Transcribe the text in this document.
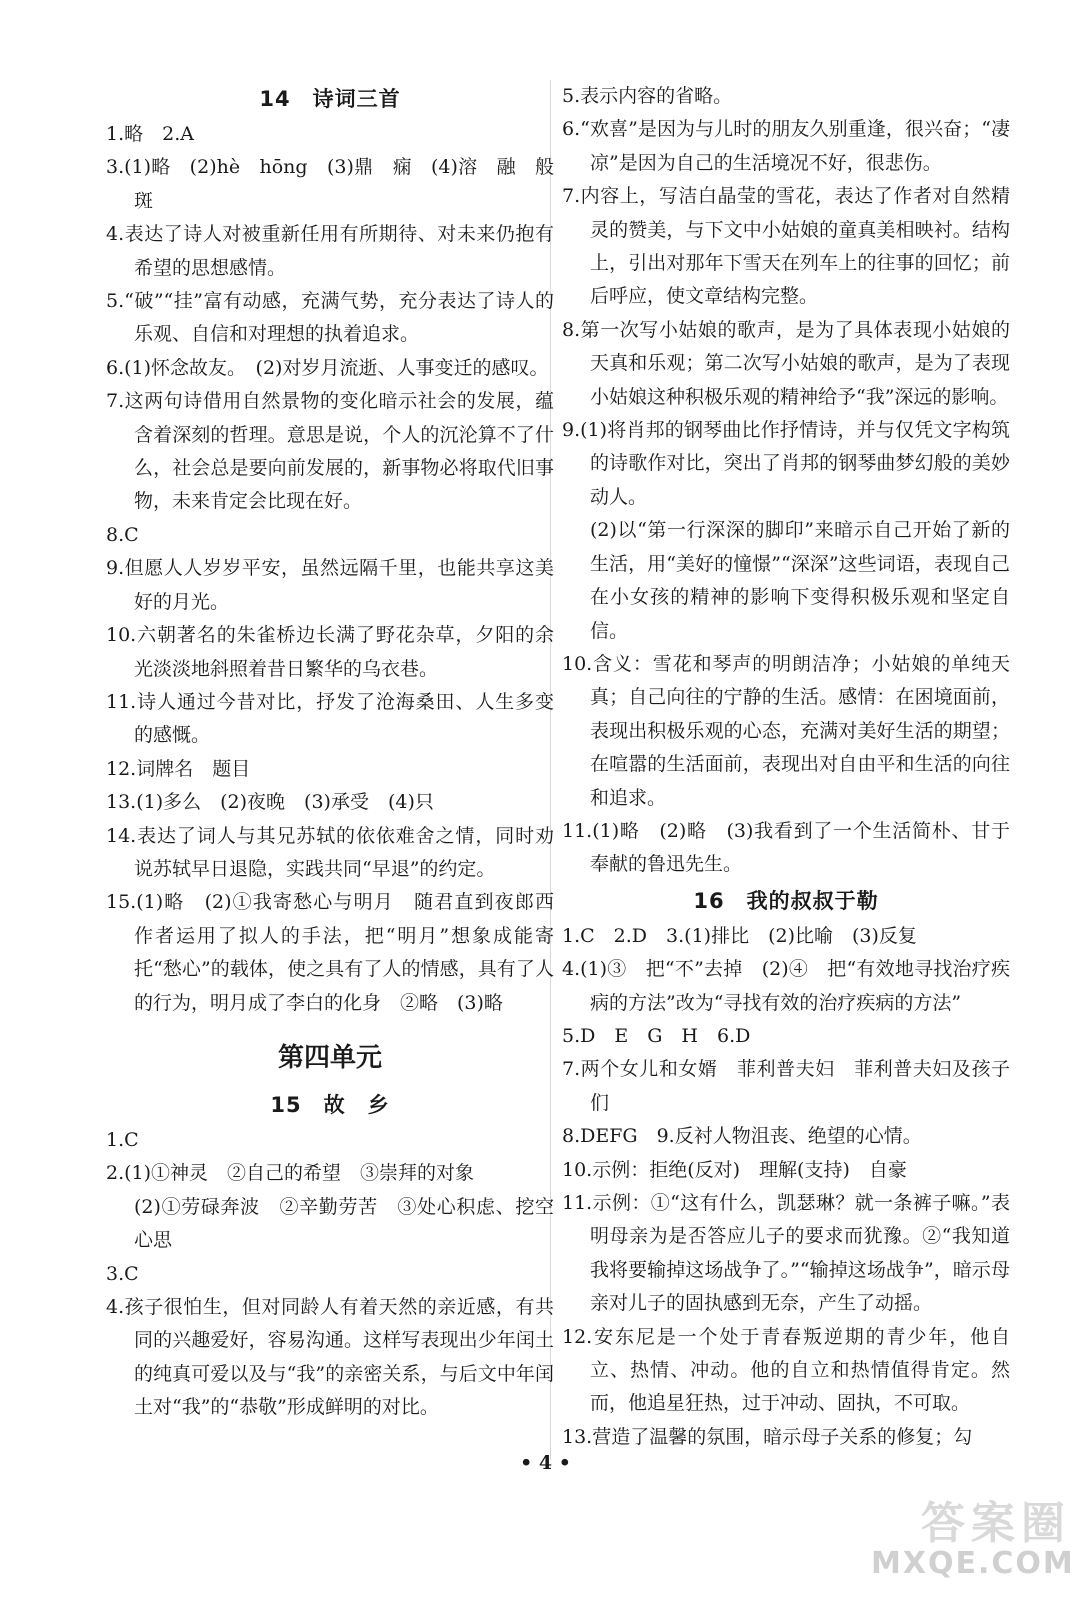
14　诗词三首

1.略　2.A

3.(1)略　(2)hè　hōng　(3)鼎　痫　(4)溶　融　般　斑

4.表达了诗人对被重新任用有所期待、对未来仍抱有希望的思想感情。

5.“破”“挂”富有动感，充满气势，充分表达了诗人的乐观、自信和对理想的执着追求。

6.(1)怀念故友。　(2)对岁月流逝、人事变迁的感叹。

7.这两句诗借用自然景物的变化暗示社会的发展，蕴含着深刻的哲理。意思是说，个人的沉沦算不了什么，社会总是要向前发展的，新事物必将取代旧事物，未来肯定会比现在好。

8.C

9.但愿人人岁岁平安，虽然远隔千里，也能共享这美好的月光。

10.六朝著名的朱雀桥边长满了野花杂草，夕阳的余光淡淡地斜照着昔日繁华的乌衣巷。

11.诗人通过今昔对比，抒发了沧海桑田、人生多变的感慨。

12.词牌名　题目

13.(1)多么　(2)夜晚　(3)承受　(4)只

14.表达了词人与其兄苏轼的依依难舍之情，同时劝说苏轼早日退隐，实践共同“早退”的约定。

15.(1)略　(2)①我寄愁心与明月　随君直到夜郎西　作者运用了拟人的手法，把“明月”想象成能寄托“愁心”的载体，使之具有了人的情感，具有了人的行为，明月成了李白的化身　②略　(3)略

第四单元
15　故　乡

1.C

2.(1)①神灵　②自己的希望　③崇拜的对象

(2)①劳碌奔波　②辛勤劳苦　③处心积虑、挖空心思

3.C

4.孩子很怕生，但对同龄人有着天然的亲近感，有共同的兴趣爱好，容易沟通。这样写表现出少年闰土的纯真可爱以及与“我”的亲密关系，与后文中年闰土对“我”的“恭敬”形成鲜明的对比。

5.表示内容的省略。

6.“欢喜”是因为与儿时的朋友久别重逢，很兴奋；“凄凉”是因为自己的生活境况不好，很悲伤。

7.内容上，写洁白晶莹的雪花，表达了作者对自然精灵的赞美，与下文中小姑娘的童真美相映衬。结构上，引出对那年下雪天在列车上的往事的回忆；前后呼应，使文章结构完整。

8.第一次写小姑娘的歌声，是为了具体表现小姑娘的天真和乐观；第二次写小姑娘的歌声，是为了表现小姑娘这种积极乐观的精神给予“我”深远的影响。

9.(1)将肖邦的钢琴曲比作抒情诗，并与仅凭文字构筑的诗歌作对比，突出了肖邦的钢琴曲梦幻般的美妙动人。

(2)以“第一行深深的脚印”来暗示自己开始了新的生活，用“美好的憧憬”“深深”这些词语，表现自己在小女孩的精神的影响下变得积极乐观和坚定自信。

10.含义：雪花和琴声的明朗洁净；小姑娘的单纯天真；自己向往的宁静的生活。感情：在困境面前，表现出积极乐观的心态，充满对美好生活的期望；在喧嚣的生活面前，表现出对自由平和生活的向往和追求。

11.(1)略　(2)略　(3)我看到了一个生活简朴、甘于奉献的鲁迅先生。

16　我的叔叔于勒

1.C　2.D　3.(1)排比　(2)比喻　(3)反复

4.(1)③　把“不”去掉　(2)④　把“有效地寻找治疗疾病的方法”改为“寻找有效的治疗疾病的方法”

5.D　E　G　H　6.D

7.两个女儿和女婿　菲利普夫妇　菲利普夫妇及孩子们

8.DEFG　9.反衬人物沮丧、绝望的心情。

10.示例：拒绝(反对)　理解(支持)　自豪

11.示例：①“这有什么，凯瑟琳？就一条裤子嘛。”表明母亲为是否答应儿子的要求而犹豫。②“我知道我将要输掉这场战争了。”“输掉这场战争”，暗示母亲对儿子的固执感到无奈，产生了动摇。

12.安东尼是一个处于青春叛逆期的青少年，他自立、热情、冲动。他的自立和热情值得肯定。然而，他追星狂热，过于冲动、固执，不可取。

13.营造了温馨的氛围，暗示母子关系的修复；勾

• 4 •
答案圈
MXQE.COM
